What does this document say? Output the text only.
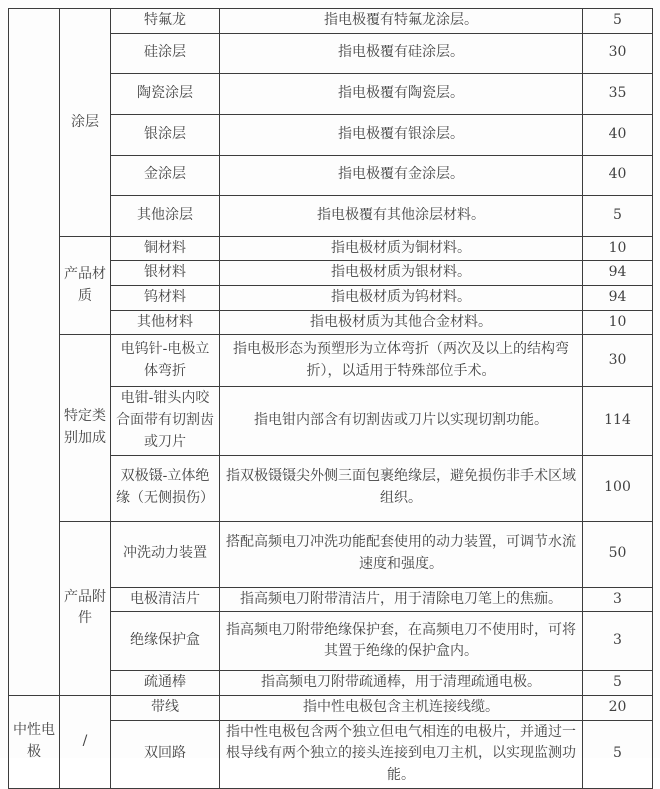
	涂层	特氟龙	指电极覆有特氟龙涂层。	5
		硅涂层	指电极覆有硅涂层。	30
		陶瓷涂层	指电极覆有陶瓷层。	35
		银涂层	指电极覆有银涂层。	40
		金涂层	指电极覆有金涂层。	40
		其他涂层	指电极覆有其他涂层材料。	5
	产品材质	铜材料	指电极材质为铜材料。	10
		银材料	指电极材质为银材料。	94
		钨材料	指电极材质为钨材料。	94
		其他材料	指电极材质为其他合金材料。	10
	特定类别加成	电钨针-电极立体弯折	指电极形态为预塑形为立体弯折（两次及以上的结构弯折），以适用于特殊部位手术。	30
		电钳-钳头内咬合面带有切割齿或刀片	指电钳内部含有切割齿或刀片以实现切割功能。	114
		双极镊-立体绝缘（无侧损伤）	指双极镊镊尖外侧三面包裹绝缘层，避免损伤非手术区域组织。	100
	产品附件	冲洗动力装置	搭配高频电刀冲洗功能配套使用的动力装置，可调节水流速度和强度。	50
		电极清洁片	指高频电刀附带清洁片，用于清除电刀笔上的焦痂。	3
		绝缘保护盒	指高频电刀附带绝缘保护套，在高频电刀不使用时，可将其置于绝缘的保护盒内。	3
		疏通棒	指高频电刀附带疏通棒，用于清理疏通电极。	5
中性电极	/	带线	指中性电极包含主机连接线缆。	20
		双回路	指中性电极包含两个独立但电气相连的电极片，并通过一根导线有两个独立的接头连接到电刀主机，以实现监测功能。	5
